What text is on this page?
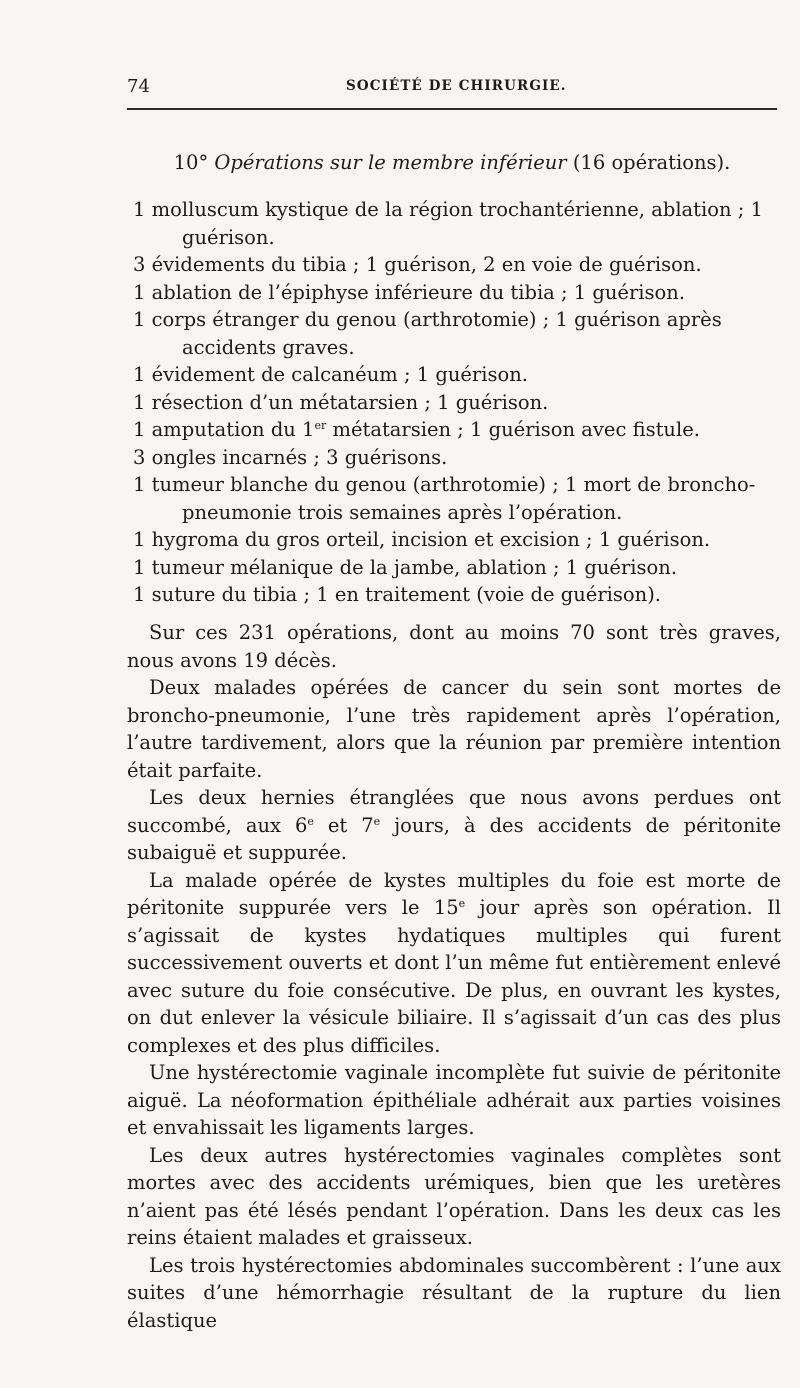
74	SOCIÉTÉ DE CHIRURGIE.
10° Opérations sur le membre inférieur (16 opérations).
1 molluscum kystique de la région trochantérienne, ablation ; 1 guérison.
3 évidements du tibia ; 1 guérison, 2 en voie de guérison.
1 ablation de l’épiphyse inférieure du tibia ; 1 guérison.
1 corps étranger du genou (arthrotomie) ; 1 guérison après accidents graves.
1 évidement de calcanéum ; 1 guérison.
1 résection d’un métatarsien ; 1 guérison.
1 amputation du 1er métatarsien ; 1 guérison avec fistule.
3 ongles incarnés ; 3 guérisons.
1 tumeur blanche du genou (arthrotomie) ; 1 mort de broncho-pneumonie trois semaines après l’opération.
1 hygroma du gros orteil, incision et excision ; 1 guérison.
1 tumeur mélanique de la jambe, ablation ; 1 guérison.
1 suture du tibia ; 1 en traitement (voie de guérison).

Sur ces 231 opérations, dont au moins 70 sont très graves, nous avons 19 décès.

Deux malades opérées de cancer du sein sont mortes de broncho-pneumonie, l’une très rapidement après l’opération, l’autre tardivement, alors que la réunion par première intention était parfaite.

Les deux hernies étranglées que nous avons perdues ont succombé, aux 6e et 7e jours, à des accidents de péritonite subaiguë et suppurée.

La malade opérée de kystes multiples du foie est morte de péritonite suppurée vers le 15e jour après son opération. Il s’agissait de kystes hydatiques multiples qui furent successivement ouverts et dont l’un même fut entièrement enlevé avec suture du foie consécutive. De plus, en ouvrant les kystes, on dut enlever la vésicule biliaire. Il s’agissait d’un cas des plus complexes et des plus difficiles.

Une hystérectomie vaginale incomplète fut suivie de péritonite aiguë. La néoformation épithéliale adhérait aux parties voisines et envahissait les ligaments larges.

Les deux autres hystérectomies vaginales complètes sont mortes avec des accidents urémiques, bien que les uretères n’aient pas été lésés pendant l’opération. Dans les deux cas les reins étaient malades et graisseux.

Les trois hystérectomies abdominales succombèrent : l’une aux suites d’une hémorrhagie résultant de la rupture du lien élastique
